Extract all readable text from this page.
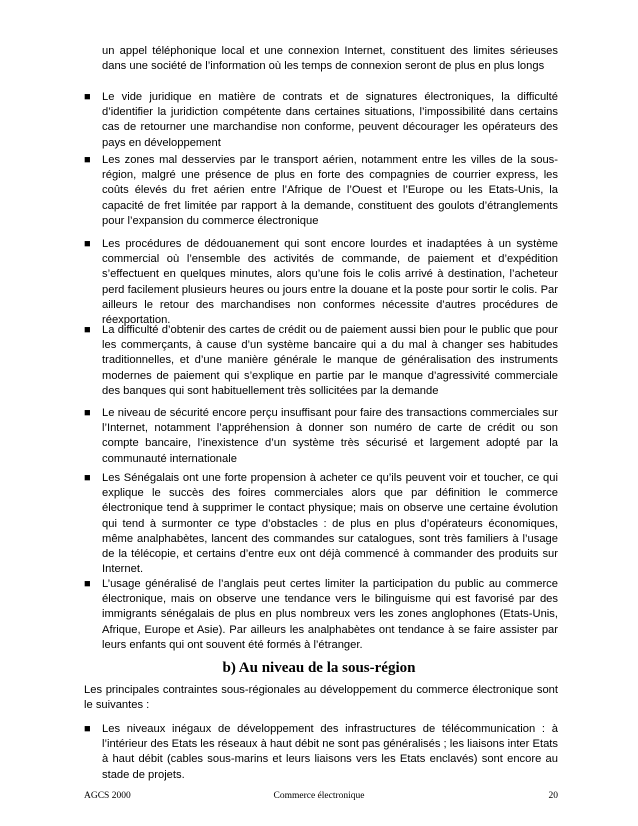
un appel téléphonique local et une connexion Internet, constituent des limites sérieuses dans une société de l’information où les temps de connexion seront de plus en plus longs
■ Le vide juridique en matière de contrats et de signatures électroniques, la difficulté d’identifier la juridiction compétente dans certaines situations, l’impossibilité dans certains cas de retourner une marchandise non conforme, peuvent décourager les opérateurs des pays en développement
■ Les zones mal desservies par le transport aérien, notamment entre les villes de la sous-région, malgré une présence de plus en forte des compagnies de courrier express, les coûts élevés du fret aérien entre l’Afrique de l’Ouest et l’Europe ou les Etats-Unis, la capacité de fret limitée par rapport à la demande, constituent des goulots d’étranglements pour l’expansion du commerce électronique
■ Les procédures de dédouanement qui sont encore lourdes et inadaptées à un système commercial où l’ensemble des activités de commande, de paiement et d’expédition s’effectuent en quelques minutes, alors qu’une fois le colis arrivé à destination, l’acheteur perd facilement plusieurs heures ou jours entre la douane et la poste pour sortir le colis. Par ailleurs le retour des marchandises non conformes nécessite d’autres procédures de réexportation.
■ La difficulté d’obtenir des cartes de crédit ou de paiement aussi bien pour le public que pour les commerçants, à cause d’un système bancaire qui a du mal à changer ses habitudes traditionnelles, et d’une manière générale le manque de généralisation des instruments modernes de paiement qui s’explique en partie par le manque d’agressivité commerciale des banques qui sont habituellement très sollicitées par la demande
■ Le niveau de sécurité encore perçu insuffisant pour faire des transactions commerciales sur l’Internet, notamment l’appréhension à donner son numéro de carte de crédit ou son compte bancaire, l’inexistence d’un système très sécurisé et largement adopté par la communauté internationale
■ Les Sénégalais ont une forte propension à acheter ce qu’ils peuvent voir et toucher, ce qui explique le succès des foires commerciales alors que par définition le commerce électronique tend à supprimer le contact physique; mais on observe une certaine évolution qui tend à surmonter ce type d’obstacles : de plus en plus d’opérateurs économiques, même analphabètes, lancent des commandes sur catalogues, sont très familiers à l’usage de la télécopie, et certains d’entre eux ont déjà commencé à commander des produits sur Internet.
■ L’usage généralisé de l’anglais peut certes limiter la participation du public au commerce électronique, mais on observe une tendance vers le bilinguisme qui est favorisé par des immigrants sénégalais de plus en plus nombreux vers les zones anglophones (Etats-Unis, Afrique, Europe et Asie). Par ailleurs les analphabètes ont tendance à se faire assister par leurs enfants qui ont souvent été formés à l’étranger.
b) Au niveau de la sous-région
Les principales contraintes sous-régionales au développement du commerce électronique sont le suivantes :
■ Les niveaux inégaux de développement des infrastructures de télécommunication : à l’intérieur des Etats les réseaux à haut débit ne sont pas généralisés ; les liaisons inter Etats à haut débit (cables sous-marins et leurs liaisons vers les Etats enclavés) sont encore au stade de projets.
AGCS 2000	Commerce électronique	20
